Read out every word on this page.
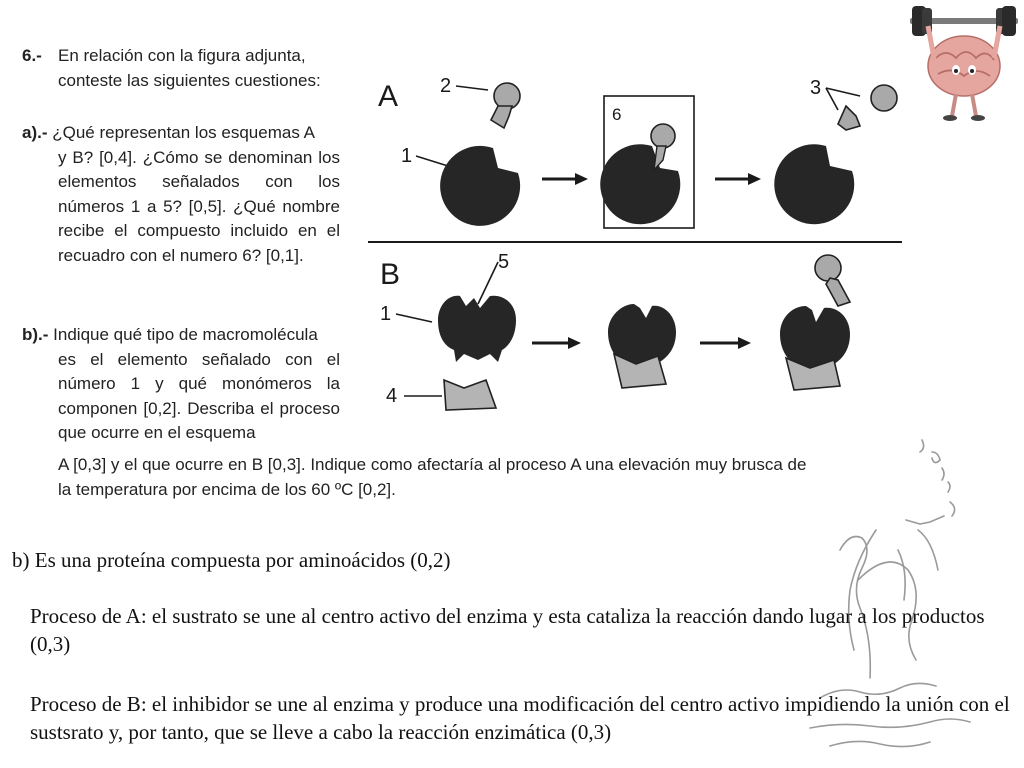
6.- En relación con la figura adjunta,
conteste las siguientes cuestiones:
a).- ¿Qué representan los esquemas A
y B? [0,4]. ¿Cómo se denominan los elementos señalados con los números 1 a 5? [0,5]. ¿Qué nombre recibe el compuesto incluido en el recuadro con el numero 6? [0,1].
b).- Indique qué tipo de macromolécula
es el elemento señalado con el número 1 y qué monómeros la componen [0,2]. Describa el proceso que ocurre en el esquema
A [0,3] y el que ocurre en B [0,3]. Indique como afectaría al proceso A una elevación muy brusca de
la temperatura por encima de los 60 ºC [0,2].
A 2
1
6
3
B	5
1
4
b) Es una proteína compuesta por aminoácidos (0,2)
Proceso de A: el sustrato se une al centro activo del enzima y esta cataliza la reacción dando lugar a los productos (0,3)
Proceso de B: el inhibidor se une al enzima y produce una modificación del centro activo impidiendo la unión con el sustsrato y, por tanto, que se lleve a cabo la reacción enzimática (0,3)
